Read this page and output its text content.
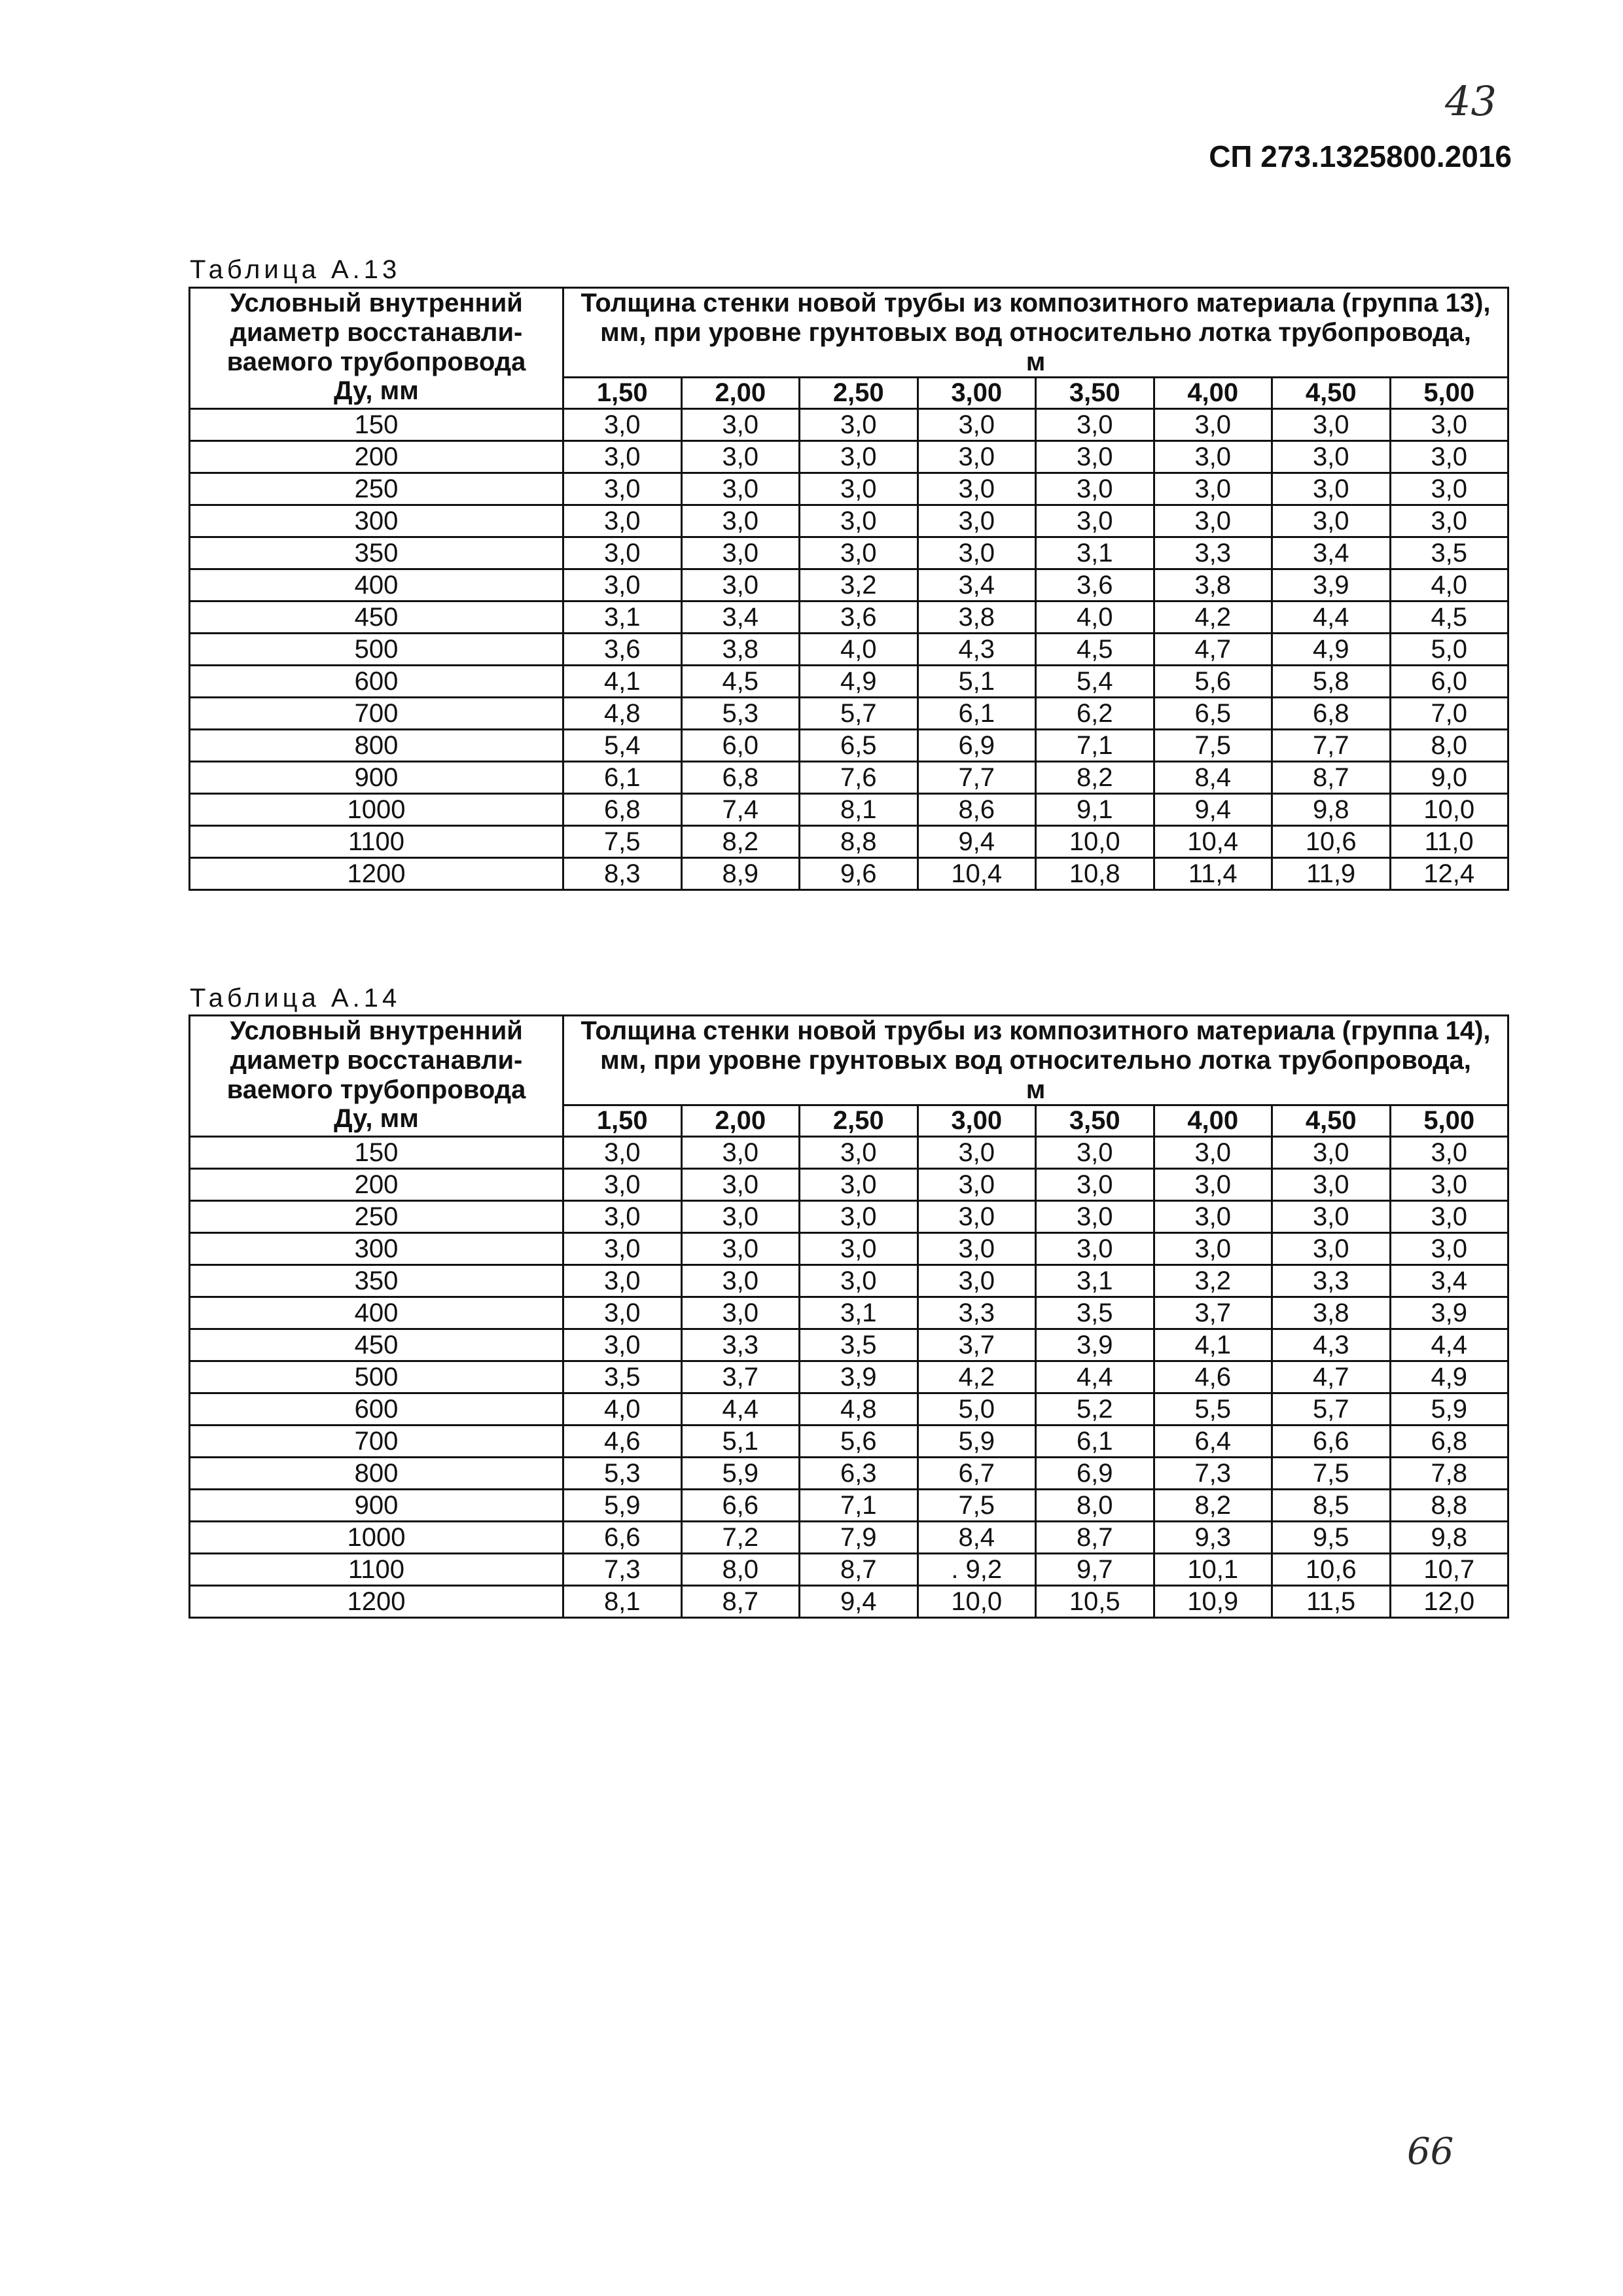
43
СП 273.1325800.2016
Таблица А.13
Условный внутренний
диаметр восстанавли-
ваемого трубопровода
Ду, мм	Толщина стенки новой трубы из композитного материала (группа 13), мм, при уровне грунтовых вод относительно лотка трубопровода,
м							

	1,50	2,00	2,50	3,00	3,50	4,00	4,50	5,00
150	3,0	3,0	3,0	3,0	3,0	3,0	3,0	3,0
200	3,0	3,0	3,0	3,0	3,0	3,0	3,0	3,0
250	3,0	3,0	3,0	3,0	3,0	3,0	3,0	3,0
300	3,0	3,0	3,0	3,0	3,0	3,0	3,0	3,0
350	3,0	3,0	3,0	3,0	3,1	3,3	3,4	3,5
400	3,0	3,0	3,2	3,4	3,6	3,8	3,9	4,0
450	3,1	3,4	3,6	3,8	4,0	4,2	4,4	4,5
500	3,6	3,8	4,0	4,3	4,5	4,7	4,9	5,0
600	4,1	4,5	4,9	5,1	5,4	5,6	5,8	6,0
700	4,8	5,3	5,7	6,1	6,2	6,5	6,8	7,0
800	5,4	6,0	6,5	6,9	7,1	7,5	7,7	8,0
900	6,1	6,8	7,6	7,7	8,2	8,4	8,7	9,0
1000	6,8	7,4	8,1	8,6	9,1	9,4	9,8	10,0
1100	7,5	8,2	8,8	9,4	10,0	10,4	10,6	11,0
1200	8,3	8,9	9,6	10,4	10,8	11,4	11,9	12,4
Таблица А.14
Условный внутренний
диаметр восстанавли-
ваемого трубопровода
Ду, мм	Толщина стенки новой трубы из композитного материала (группа 14), мм, при уровне грунтовых вод относительно лотка трубопровода,
м							

	1,50	2,00	2,50	3,00	3,50	4,00	4,50	5,00
150	3,0	3,0	3,0	3,0	3,0	3,0	3,0	3,0
200	3,0	3,0	3,0	3,0	3,0	3,0	3,0	3,0
250	3,0	3,0	3,0	3,0	3,0	3,0	3,0	3,0
300	3,0	3,0	3,0	3,0	3,0	3,0	3,0	3,0
350	3,0	3,0	3,0	3,0	3,1	3,2	3,3	3,4
400	3,0	3,0	3,1	3,3	3,5	3,7	3,8	3,9
450	3,0	3,3	3,5	3,7	3,9	4,1	4,3	4,4
500	3,5	3,7	3,9	4,2	4,4	4,6	4,7	4,9
600	4,0	4,4	4,8	5,0	5,2	5,5	5,7	5,9
700	4,6	5,1	5,6	5,9	6,1	6,4	6,6	6,8
800	5,3	5,9	6,3	6,7	6,9	7,3	7,5	7,8
900	5,9	6,6	7,1	7,5	8,0	8,2	8,5	8,8
1000	6,6	7,2	7,9	8,4	8,7	9,3	9,5	9,8
1100	7,3	8,0	8,7	. 9,2	9,7	10,1	10,6	10,7
1200	8,1	8,7	9,4	10,0	10,5	10,9	11,5	12,0
66
